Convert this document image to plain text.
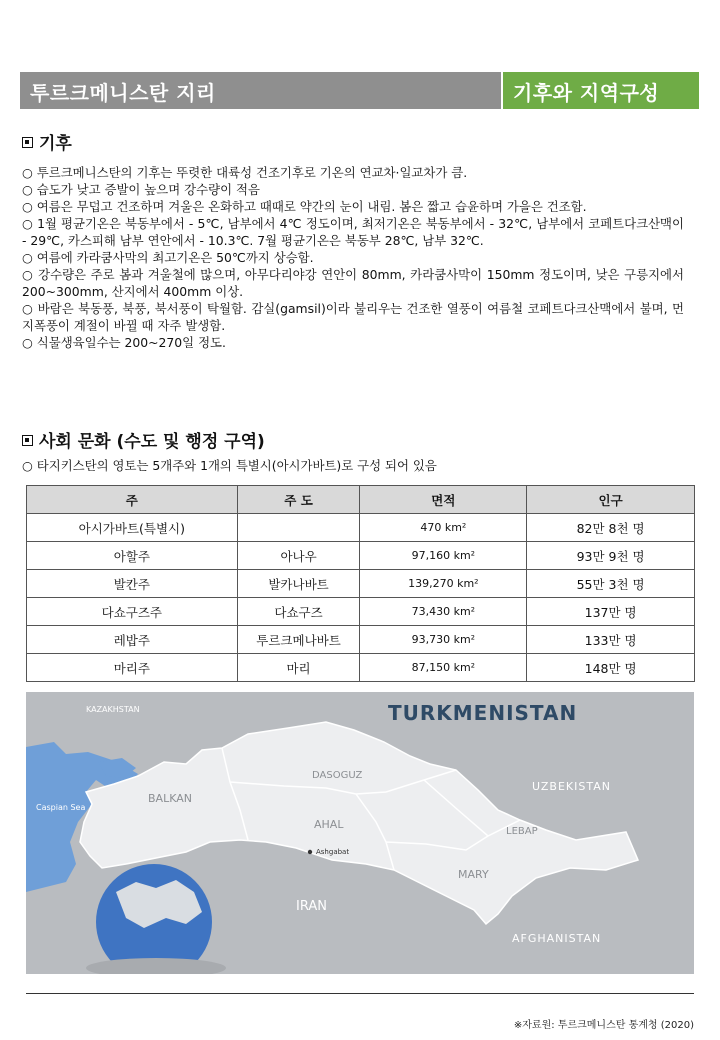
투르크메니스탄 지리	기후와 지역구성
기후

○ 투르크메니스탄의 기후는 뚜렷한 대륙성 건조기후로 기온의 연교차·일교차가 큼.

○ 습도가 낮고 증발이 높으며 강수량이 적음

○ 여름은 무덥고 건조하며 겨울은 온화하고 때때로 약간의 눈이 내림. 봄은 짧고 습윤하며 가을은 건조함.

○ 1월 평균기온은 북동부에서 - 5℃, 남부에서 4℃ 정도이며, 최저기온은 북동부에서 - 32℃, 남부에서 코페트다크산맥이 - 29℃, 카스피해 남부 연안에서 - 10.3℃. 7월 평균기온은 북동부 28℃, 남부 32℃.

○ 여름에 카라쿰사막의 최고기온은 50℃까지 상승함.

○ 강수량은 주로 봄과 겨울철에 많으며, 아무다리야강 연안이 80mm, 카라쿰사막이 150mm 정도이며, 낮은 구릉지에서 200~300mm, 산지에서 400mm 이상.

○ 바람은 북동풍, 북풍, 북서풍이 탁월함. 감실(gamsil)이라 불리우는 건조한 열풍이 여름철 코페트다크산맥에서 불며, 먼지폭풍이 계절이 바뀔 때 자주 발생함.

○ 식물생육일수는 200~270일 정도.

사회 문화 (수도 및 행정 구역)
○ 타지키스탄의 영토는 5개주와 1개의 특별시(아시가바트)로 구성 되어 있음
주	주 도	면적	인구
아시가바트(특별시)		470 km²	82만 8천 명
아할주	아나우	97,160 km²	93만 9천 명
발칸주	발카나바트	139,270 km²	55만 3천 명
다쇼구즈주	다쇼구즈	73,430 km²	137만 명
레밥주	투르크메나바트	93,730 km²	133만 명
마리주	마리	87,150 km²	148만 명
TURKMENISTAN
KAZAKHSTAN
UZBEKISTAN
IRAN
AFGHANISTAN
BALKAN
DASOGUZ
AHAL
LEBAP
MARY
Caspian Sea
Ashgabat
※자료원: 투르크메니스탄 통계청 (2020)
